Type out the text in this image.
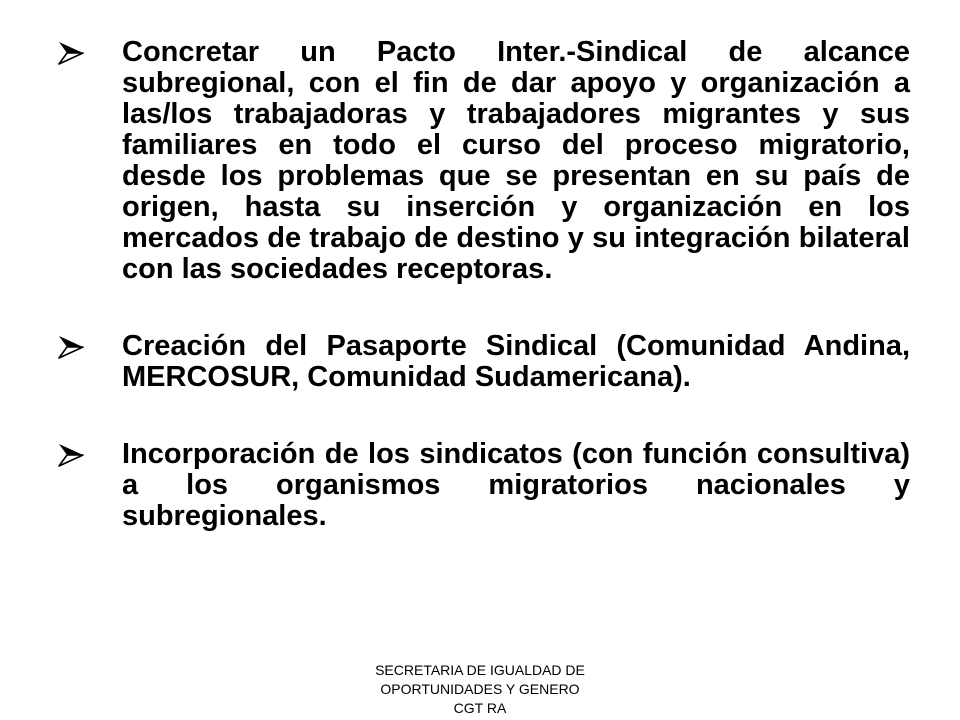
Concretar un Pacto Inter.-Sindical de alcance subregional, con el fin de dar apoyo y organización a las/los trabajadoras y trabajadores migrantes y sus familiares en todo el curso del proceso migratorio, desde los problemas que se presentan en su país de origen, hasta su inserción y organización en los mercados de trabajo de destino y su integración bilateral con las sociedades receptoras.
Creación del Pasaporte Sindical (Comunidad Andina, MERCOSUR, Comunidad Sudamericana).
Incorporación de los sindicatos (con función consultiva) a los organismos migratorios nacionales y subregionales.
SECRETARIA DE IGUALDAD DE
OPORTUNIDADES Y GENERO
CGT RA
